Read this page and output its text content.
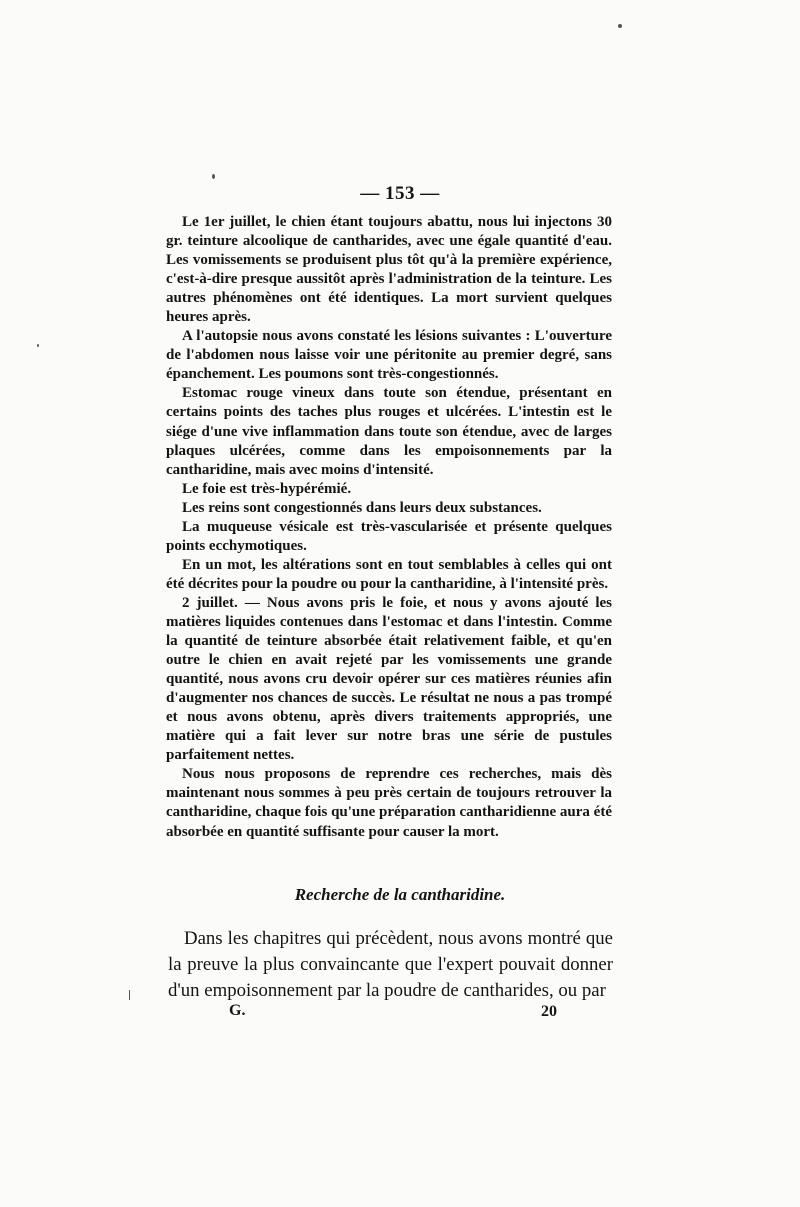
— 153 —

Le 1er juillet, le chien étant toujours abattu, nous lui injectons 30 gr. teinture alcoolique de cantharides, avec une égale quantité d'eau. Les vomissements se produisent plus tôt qu'à la première expérience, c'est-à-dire presque aussitôt après l'administration de la teinture. Les autres phénomènes ont été identiques. La mort survient quelques heures après.

A l'autopsie nous avons constaté les lésions suivantes : L'ouverture de l'abdomen nous laisse voir une péritonite au premier degré, sans épanchement. Les poumons sont très-congestionnés.

Estomac rouge vineux dans toute son étendue, présentant en certains points des taches plus rouges et ulcérées. L'intestin est le siége d'une vive inflammation dans toute son étendue, avec de larges plaques ulcérées, comme dans les empoisonnements par la cantharidine, mais avec moins d'intensité.

Le foie est très-hypérémié.

Les reins sont congestionnés dans leurs deux substances.

La muqueuse vésicale est très-vascularisée et présente quelques points ecchymotiques.

En un mot, les altérations sont en tout semblables à celles qui ont été décrites pour la poudre ou pour la cantharidine, à l'intensité près.

2 juillet. — Nous avons pris le foie, et nous y avons ajouté les matières liquides contenues dans l'estomac et dans l'intestin. Comme la quantité de teinture absorbée était relativement faible, et qu'en outre le chien en avait rejeté par les vomissements une grande quantité, nous avons cru devoir opérer sur ces matières réunies afin d'augmenter nos chances de succès. Le résultat ne nous a pas trompé et nous avons obtenu, après divers traitements appropriés, une matière qui a fait lever sur notre bras une série de pustules parfaitement nettes.

Nous nous proposons de reprendre ces recherches, mais dès maintenant nous sommes à peu près certain de toujours retrouver la cantharidine, chaque fois qu'une préparation cantharidienne aura été absorbée en quantité suffisante pour causer la mort.

Recherche de la cantharidine.

Dans les chapitres qui précèdent, nous avons montré que la preuve la plus convaincante que l'expert pouvait donner d'un empoisonnement par la poudre de cantharides, ou par

G.	20
